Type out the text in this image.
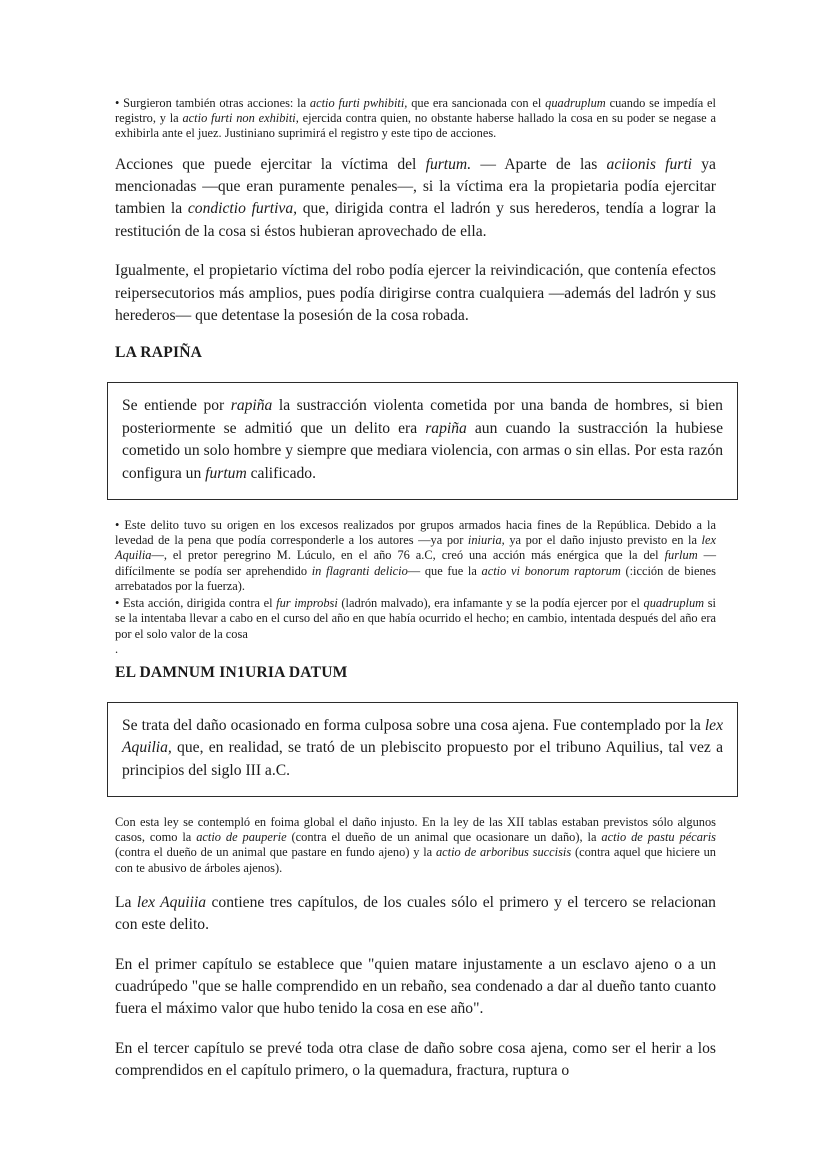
• Surgieron también otras acciones: la actio furti pwhibiti, que era sancionada con el quadruplum cuando se impedía el registro, y la actio furti non exhibiti, ejercida contra quien, no obstante haberse hallado la cosa en su poder se negase a exhibirla ante el juez. Justiniano suprimirá el registro y este tipo de acciones.

Acciones que puede ejercitar la víctima del furtum. — Aparte de las aciionis furti ya mencionadas —que eran puramente penales—, si la víctima era la propietaria podía ejercitar tambien la condictio furtiva, que, dirigida contra el ladrón y sus herederos, tendía a lograr la restitución de la cosa si éstos hubieran aprovechado de ella.

Igualmente, el propietario víctima del robo podía ejercer la reivindicación, que contenía efectos reipersecutorios más amplios, pues podía dirigirse contra cualquiera —además del ladrón y sus herederos— que detentase la posesión de la cosa robada.

LA RAPIÑA

Se entiende por rapiña la sustracción violenta cometida por una banda de hombres, si bien posteriormente se admitió que un delito era rapiña aun cuando la sustracción la hubiese cometido un solo hombre y siempre que mediara violencia, con armas o sin ellas. Por esta razón configura un furtum calificado.

• Este delito tuvo su origen en los excesos realizados por grupos armados hacia fines de la República. Debido a la levedad de la pena que podía corresponderle a los autores —ya por iniuria, ya por el daño injusto previsto en la lex Aquilia—, el pretor peregrino M. Lúculo, en el año 76 a.C, creó una acción más enérgica que la del furlum —difícilmente se podía ser aprehendido in flagranti delicio— que fue la actio vi bonorum raptorum (:icción de bienes arrebatados por la fuerza).

• Esta acción, dirigida contra el fur improbsi (ladrón malvado), era infamante y se la podía ejercer por el quadruplum si se la intentaba llevar a cabo en el curso del año en que había ocurrido el hecho; en cambio, intentada después del año era por el solo valor de la cosa

.

EL DAMNUM IN1URIA DATUM

Se trata del daño ocasionado en forma culposa sobre una cosa ajena. Fue contemplado por la lex Aquilia, que, en realidad, se trató de un plebiscito propuesto por el tribuno Aquilius, tal vez a principios del siglo III a.C.

Con esta ley se contempló en foima global el daño injusto. En la ley de las XII tablas estaban previstos sólo algunos casos, como la actio de pauperie (contra el dueño de un animal que ocasionare un daño), la actio de pastu pécaris (contra el dueño de un animal que pastare en fundo ajeno) y la actio de arboribus succisis (contra aquel que hiciere un con te abusivo de árboles ajenos).

La lex Aquiiia contiene tres capítulos, de los cuales sólo el primero y el tercero se relacionan con este delito.

En el primer capítulo se establece que "quien matare injustamente a un esclavo ajeno o a un cuadrúpedo "que se halle comprendido en un rebaño, sea condenado a dar al dueño tanto cuanto fuera el máximo valor que hubo tenido la cosa en ese año".

En el tercer capítulo se prevé toda otra clase de daño sobre cosa ajena, como ser el herir a los comprendidos en el capítulo primero, o la quemadura, fractura, ruptura o
